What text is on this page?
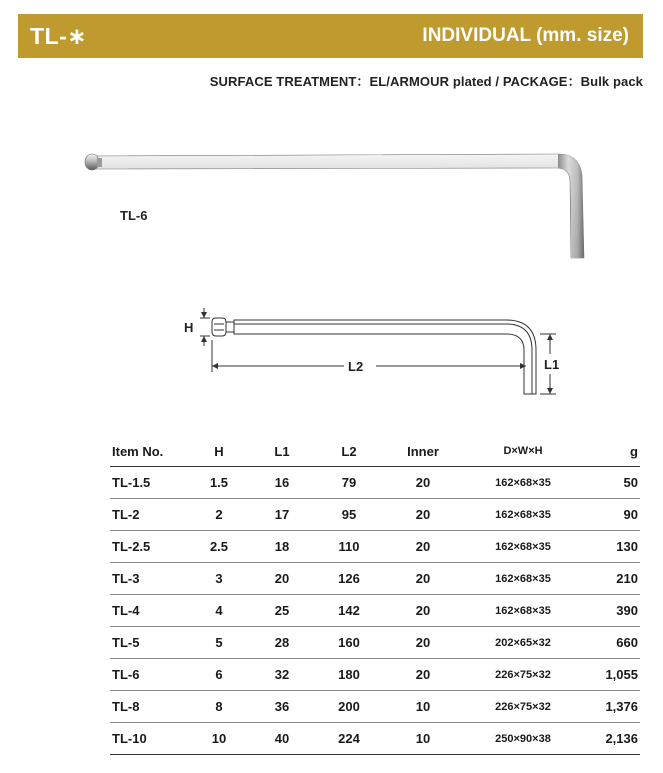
TL-∗	INDIVIDUAL (mm. size)
SURFACE TREATMENT：EL/ARMOUR plated / PACKAGE：Bulk pack
TL-6
H
L2	L1
Item No.	H	L1	L2	Inner	D×W×H	g
TL-1.5	1.5	16	79	20	162×68×35	50
TL-2	2	17	95	20	162×68×35	90
TL-2.5	2.5	18	110	20	162×68×35	130
TL-3	3	20	126	20	162×68×35	210
TL-4	4	25	142	20	162×68×35	390
TL-5	5	28	160	20	202×65×32	660
TL-6	6	32	180	20	226×75×32	1,055
TL-8	8	36	200	10	226×75×32	1,376
TL-10	10	40	224	10	250×90×38	2,136
